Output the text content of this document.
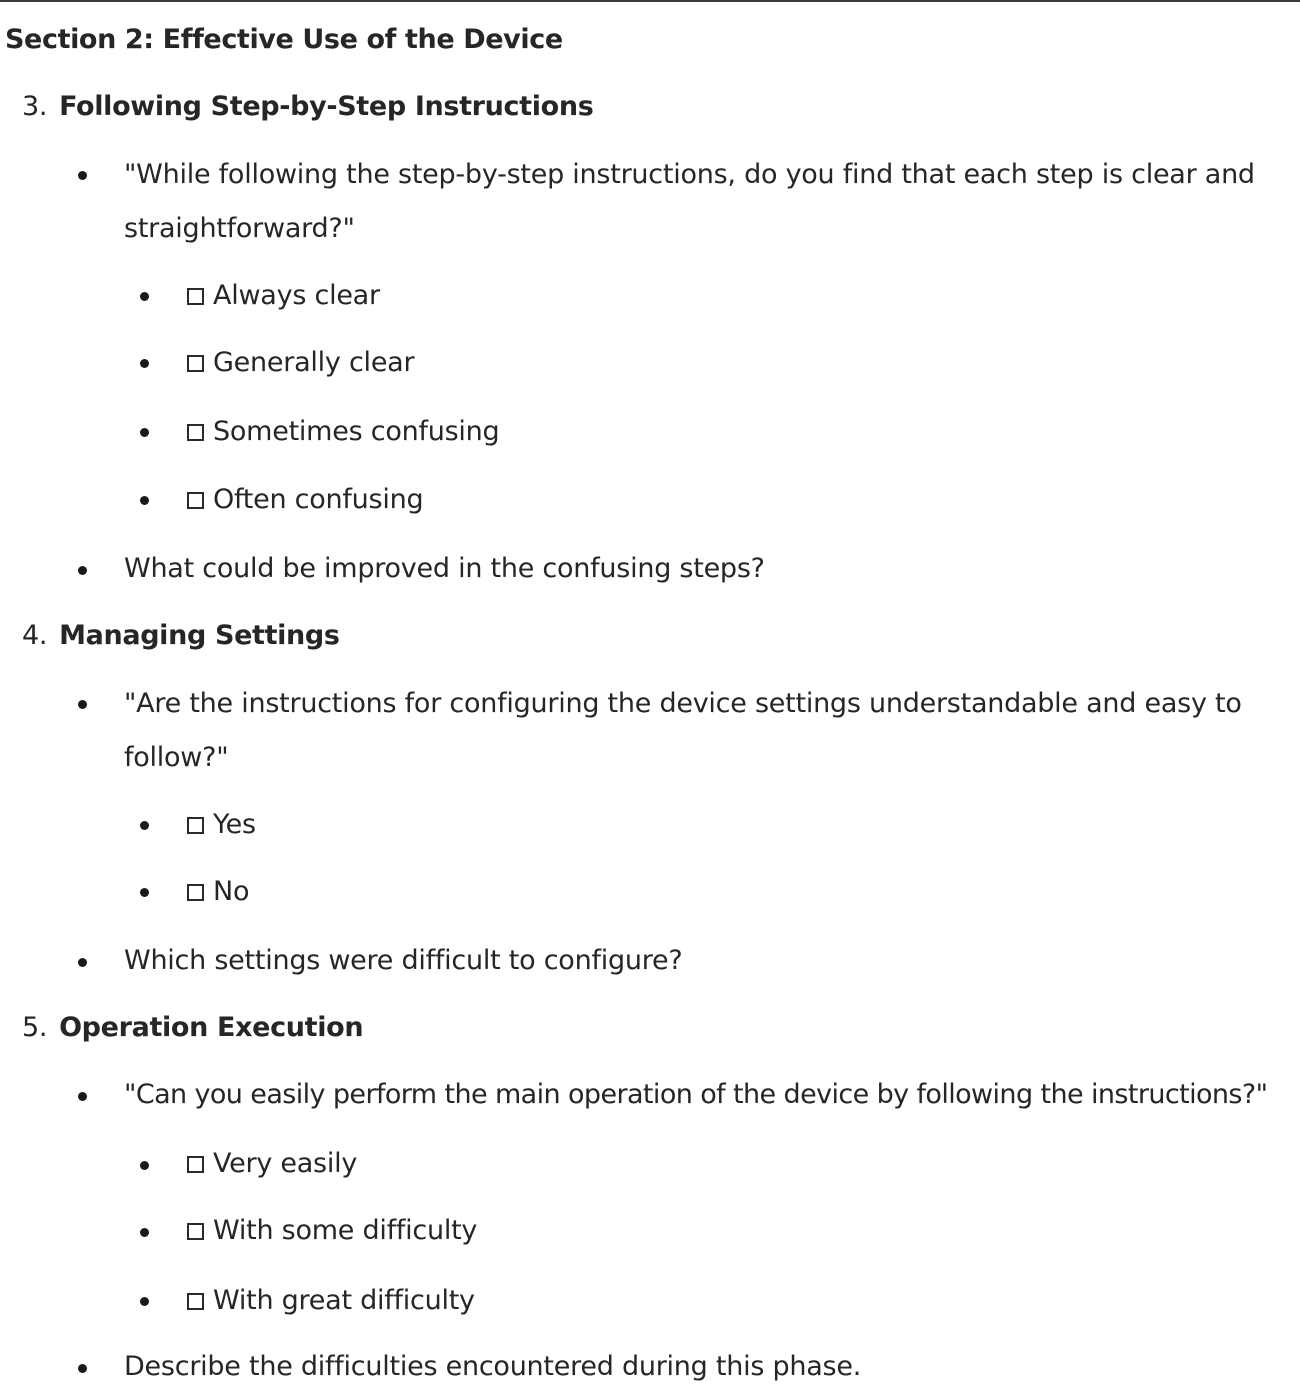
Section 2: Effective Use of the Device
3. Following Step-by-Step Instructions
"While following the step-by-step instructions, do you find that each step is clear and
straightforward?"
Always clear
Generally clear
Sometimes confusing
Often confusing
What could be improved in the confusing steps?
4. Managing Settings
"Are the instructions for configuring the device settings understandable and easy to
follow?"
Yes
No
Which settings were difficult to configure?
5. Operation Execution
"Can you easily perform the main operation of the device by following the instructions?"
Very easily
With some difficulty
With great difficulty
Describe the difficulties encountered during this phase.
